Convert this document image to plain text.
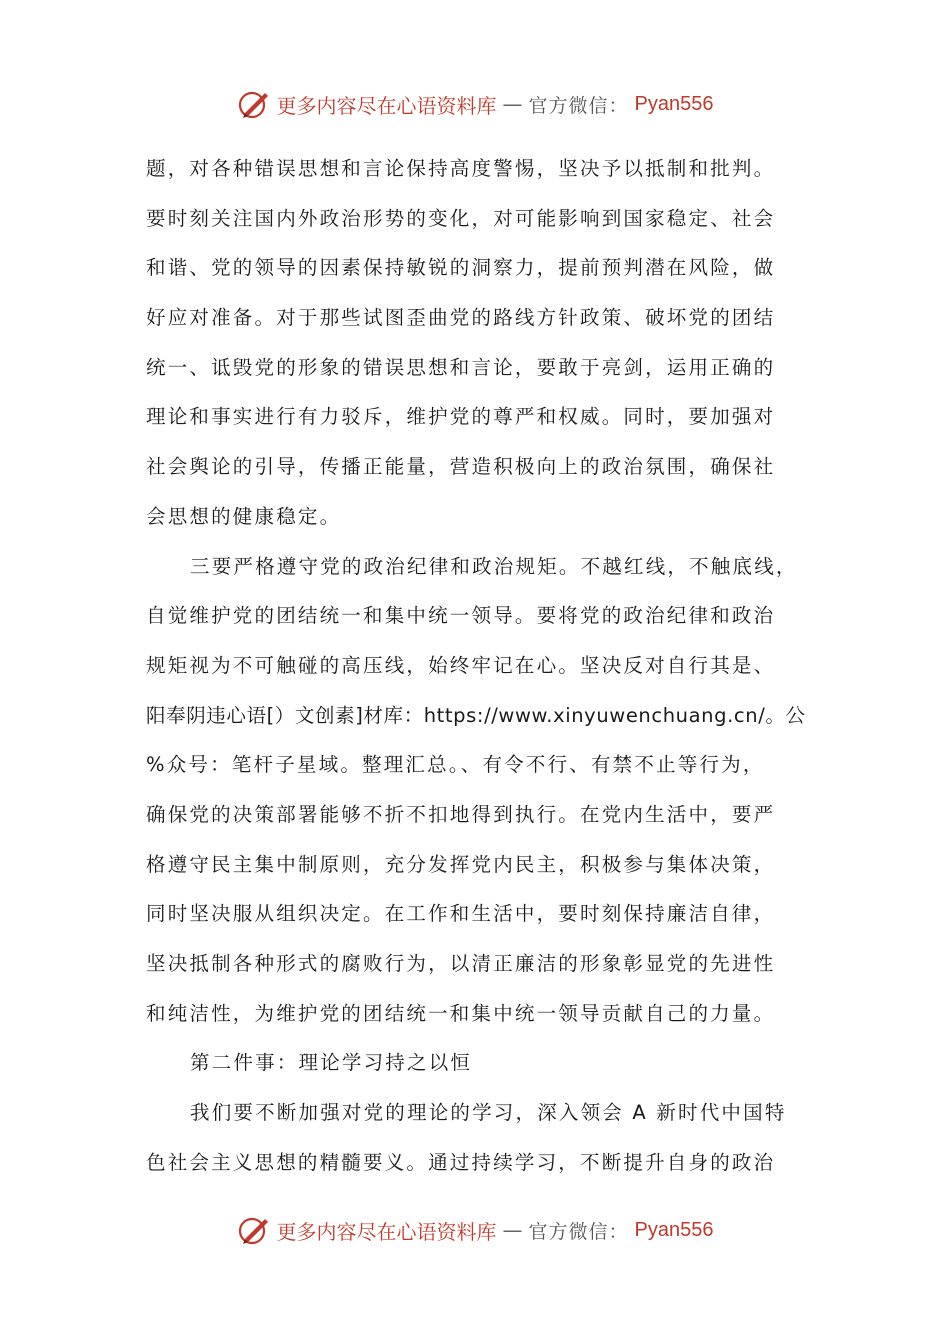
更多内容尽在心语资料库 — 官方微信： Pyan556
题，对各种错误思想和言论保持高度警惕，坚决予以抵制和批判。
要时刻关注国内外政治形势的变化，对可能影响到国家稳定、社会
和谐、党的领导的因素保持敏锐的洞察力，提前预判潜在风险，做
好应对准备。对于那些试图歪曲党的路线方针政策、破坏党的团结
统一、诋毁党的形象的错误思想和言论，要敢于亮剑，运用正确的
理论和事实进行有力驳斥，维护党的尊严和权威。同时，要加强对
社会舆论的引导，传播正能量，营造积极向上的政治氛围，确保社
会思想的健康稳定。
三要严格遵守党的政治纪律和政治规矩。不越红线，不触底线，
自觉维护党的团结统一和集中统一领导。要将党的政治纪律和政治
规矩视为不可触碰的高压线，始终牢记在心。坚决反对自行其是、
阳奉阴违心语[）文创素]材库：https://www.xinyuwenchuang.cn/。公
%众号：笔杆子星域。整理汇总。、有令不行、有禁不止等行为，
确保党的决策部署能够不折不扣地得到执行。在党内生活中，要严
格遵守民主集中制原则，充分发挥党内民主，积极参与集体决策，
同时坚决服从组织决定。在工作和生活中，要时刻保持廉洁自律，
坚决抵制各种形式的腐败行为，以清正廉洁的形象彰显党的先进性
和纯洁性，为维护党的团结统一和集中统一领导贡献自己的力量。
第二件事：理论学习持之以恒
我们要不断加强对党的理论的学习，深入领会 A 新时代中国特
色社会主义思想的精髓要义。通过持续学习，不断提升自身的政治
更多内容尽在心语资料库 — 官方微信： Pyan556
